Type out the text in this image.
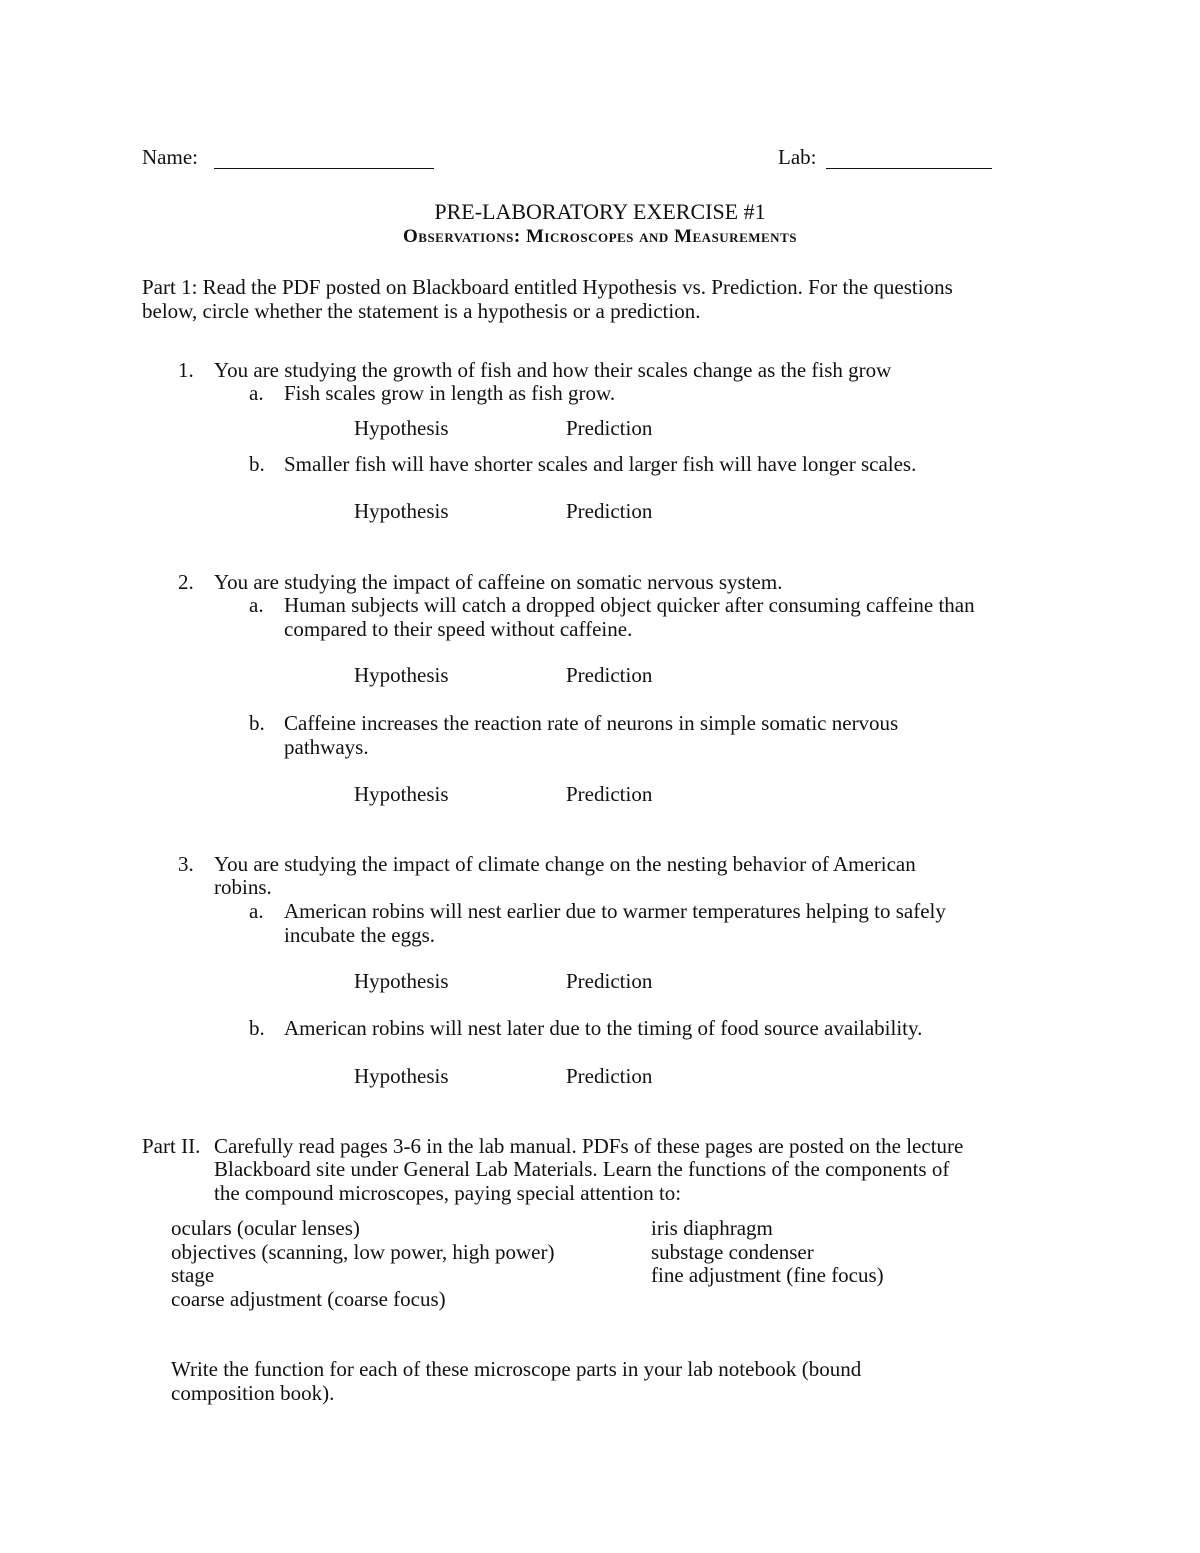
Name:	Lab:
PRE-LABORATORY EXERCISE #1
Observations: Microscopes and Measurements
Part 1: Read the PDF posted on Blackboard entitled Hypothesis vs. Prediction. For the questions
below, circle whether the statement is a hypothesis or a prediction.
1. You are studying the growth of fish and how their scales change as the fish grow
a. Fish scales grow in length as fish grow.
Hypothesis	Prediction
b. Smaller fish will have shorter scales and larger fish will have longer scales.
Hypothesis	Prediction
2. You are studying the impact of caffeine on somatic nervous system.
a. Human subjects will catch a dropped object quicker after consuming caffeine than
compared to their speed without caffeine.
Hypothesis	Prediction
b. Caffeine increases the reaction rate of neurons in simple somatic nervous
pathways.
Hypothesis	Prediction
3. You are studying the impact of climate change on the nesting behavior of American
robins.
a. American robins will nest earlier due to warmer temperatures helping to safely
incubate the eggs.
Hypothesis	Prediction
b. American robins will nest later due to the timing of food source availability.
Hypothesis	Prediction
Part II. Carefully read pages 3-6 in the lab manual. PDFs of these pages are posted on the lecture
Blackboard site under General Lab Materials. Learn the functions of the components of
the compound microscopes, paying special attention to:
oculars (ocular lenses)
objectives (scanning, low power, high power)
stage
coarse adjustment (coarse focus)
iris diaphragm
substage condenser
fine adjustment (fine focus)
Write the function for each of these microscope parts in your lab notebook (bound
composition book).
